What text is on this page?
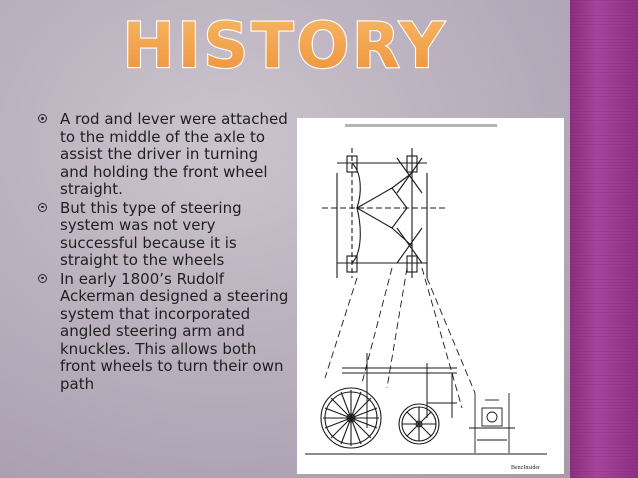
HISTORY
A rod and lever were attached to the middle of the axle to assist the driver in turning and holding the front wheel straight.
But this type of steering system was not very successful because it is straight to the wheels
In early 1800’s Rudolf Ackerman designed a steering system that incorporated angled steering arm and knuckles. This allows both front wheels to turn their own path
BenzInsider
